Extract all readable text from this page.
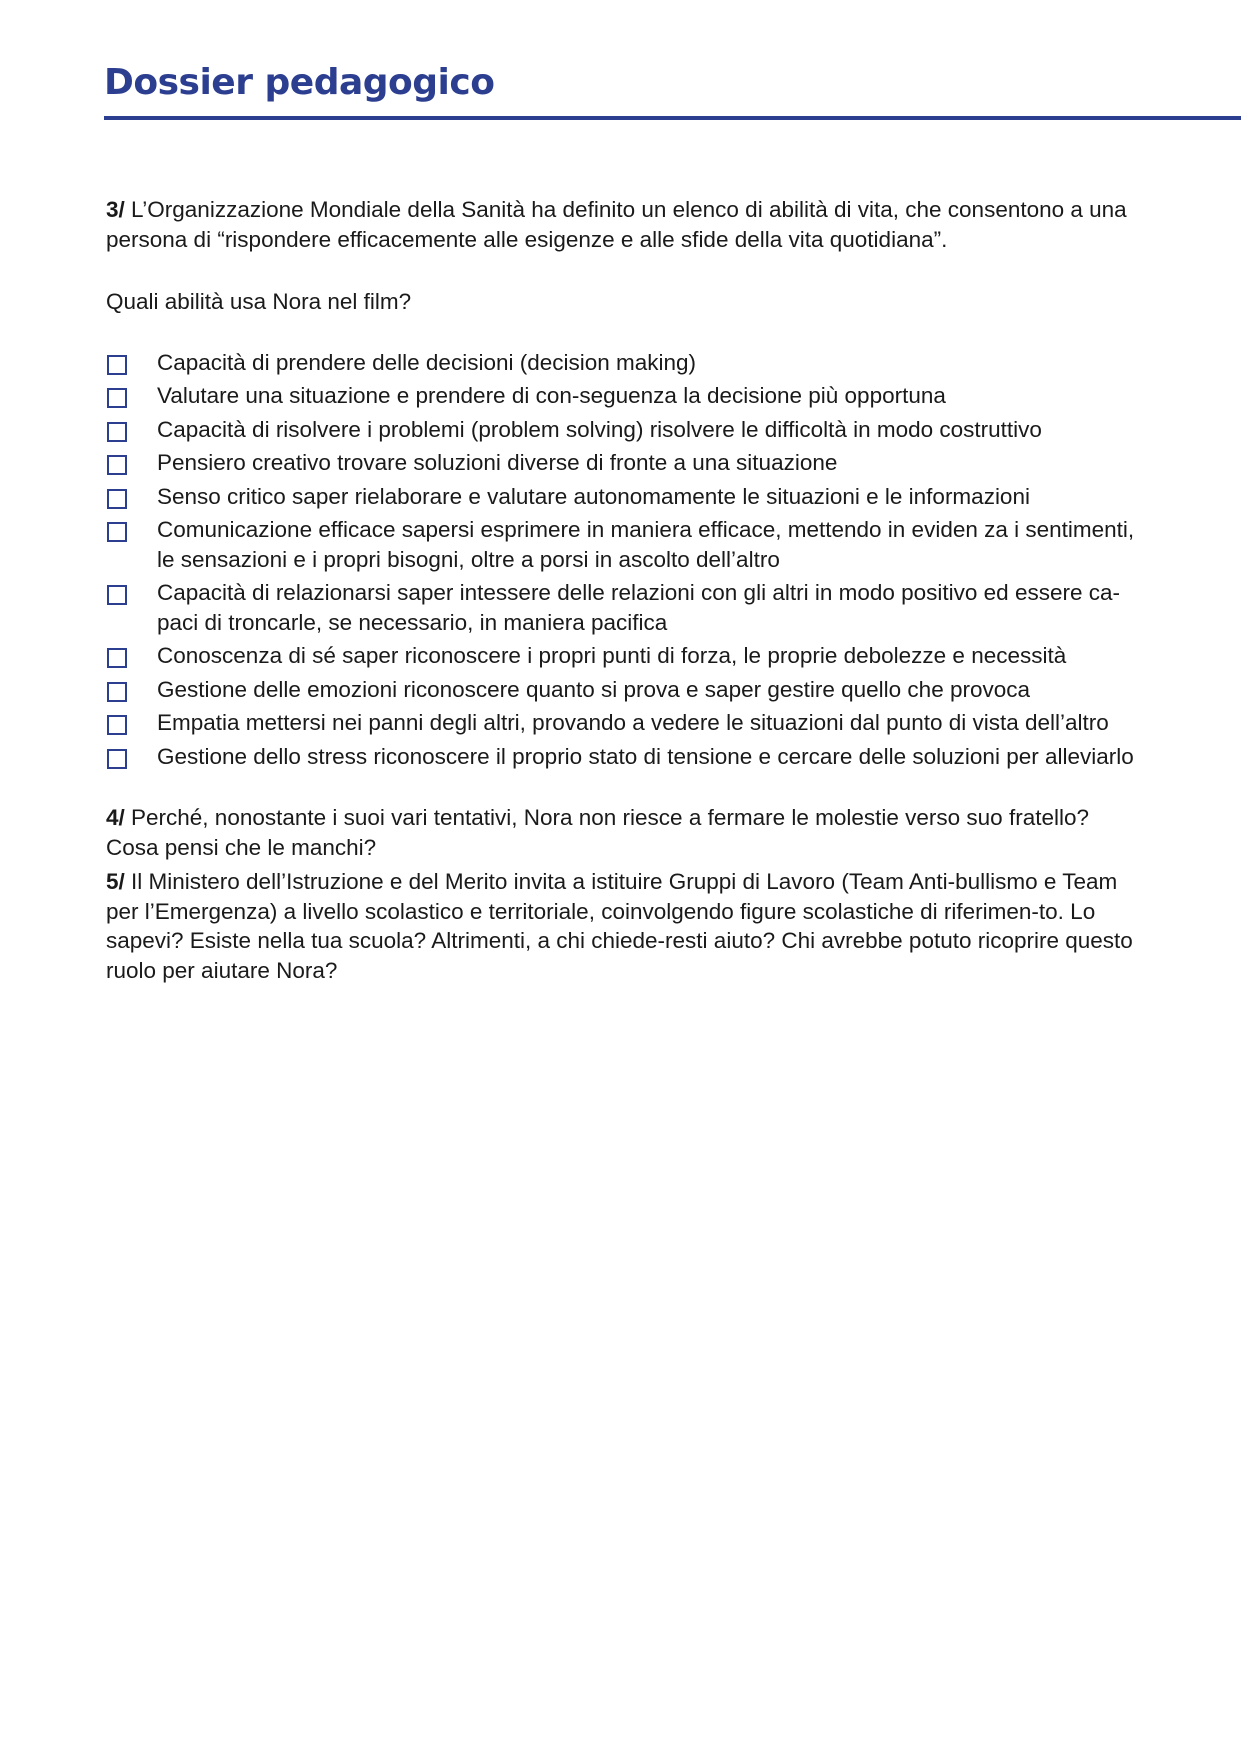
Dossier pedagogico

3/ L’Organizzazione Mondiale della Sanità ha definito un elenco di abilità di vita, che consentono a una persona di “rispondere efficacemente alle esigenze e alle sfide della vita quotidiana”.

Quali abilità usa Nora nel film?

Capacità di prendere delle decisioni (decision making)
Valutare una situazione e prendere di con-seguenza la decisione più opportuna
Capacità di risolvere i problemi (problem solving) risolvere le difficoltà in modo costruttivo
Pensiero creativo trovare soluzioni diverse di fronte a una situazione
Senso critico saper rielaborare e valutare autonomamente le situazioni e le informazioni
Comunicazione efficace sapersi esprimere in maniera efficace, mettendo in eviden za i sentimenti, le sensazioni e i propri bisogni, oltre a porsi in ascolto dell’altro
Capacità di relazionarsi saper intessere delle relazioni con gli altri in modo positivo ed essere ca-paci di troncarle, se necessario, in maniera pacifica
Conoscenza di sé saper riconoscere i propri punti di forza, le proprie debolezze e necessità
Gestione delle emozioni riconoscere quanto si prova e saper gestire quello che provoca
Empatia mettersi nei panni degli altri, provando a vedere le situazioni dal punto di vista dell’altro
Gestione dello stress riconoscere il proprio stato di tensione e cercare delle soluzioni per alleviarlo

4/ Perché, nonostante i suoi vari tentativi, Nora non riesce a fermare le molestie verso suo fratello? Cosa pensi che le manchi?

5/ Il Ministero dell’Istruzione e del Merito invita a istituire Gruppi di Lavoro (Team Anti-bullismo e Team per l’Emergenza) a livello scolastico e territoriale, coinvolgendo figure scolastiche di riferimen-to. Lo sapevi? Esiste nella tua scuola? Altrimenti, a chi chiede-resti aiuto? Chi avrebbe potuto ricoprire questo ruolo per aiutare Nora?
